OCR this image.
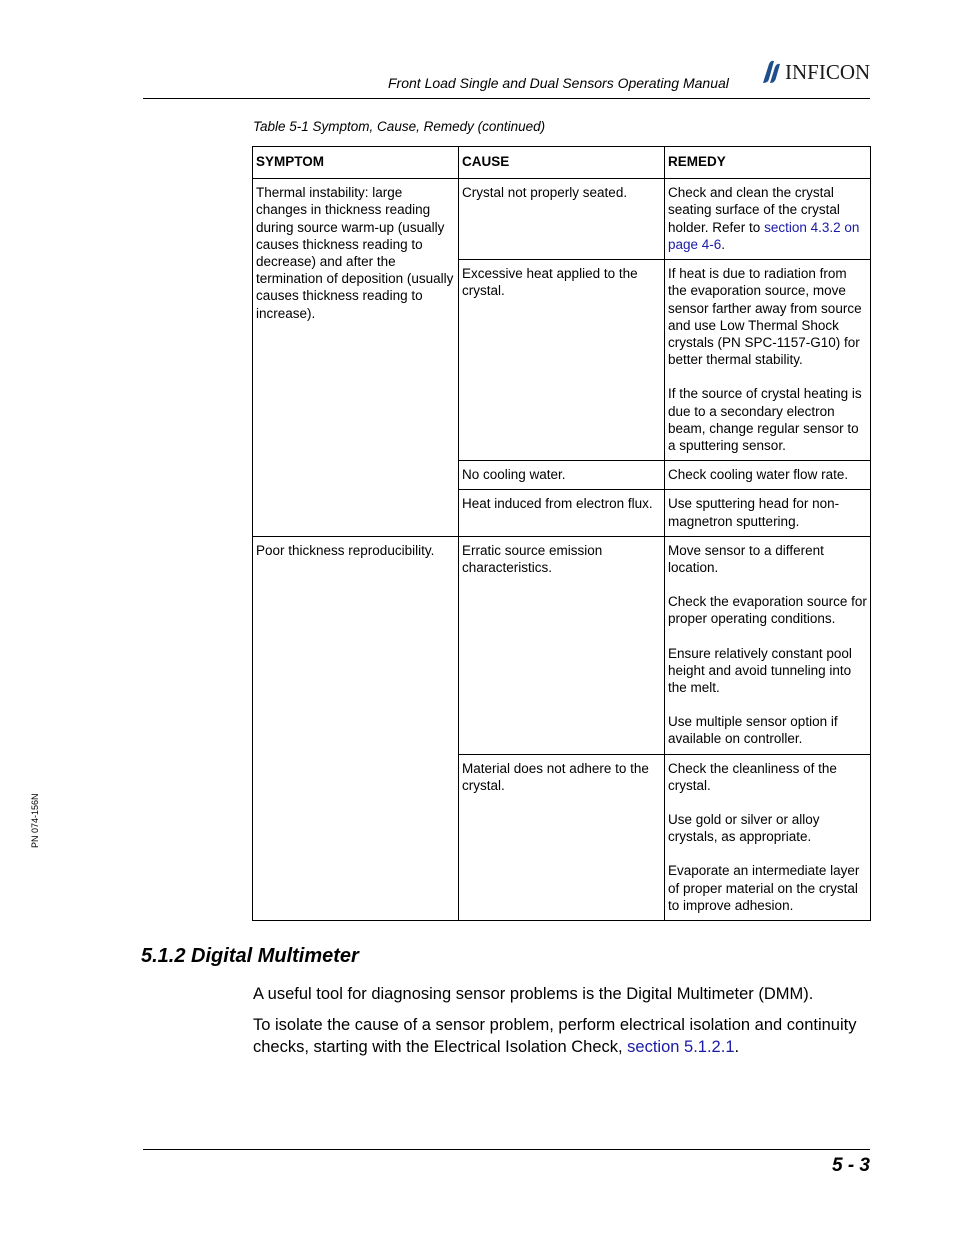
Front Load Single and Dual Sensors Operating Manual	INFICON
Table 5-1 Symptom, Cause, Remedy (continued)
SYMPTOM	CAUSE	REMEDY
Thermal instability: large changes in thickness reading during source warm-up (usually causes thickness reading to decrease) and after the termination of deposition (usually causes thickness reading to increase).	Crystal not properly seated.	Check and clean the crystal seating surface of the crystal holder. Refer to section 4.3.2 on page 4-6.
	Excessive heat applied to the crystal.	If heat is due to radiation from the evaporation source, move sensor farther away from source and use Low Thermal Shock crystals (PN SPC-1157-G10) for better thermal stability.

If the source of crystal heating is due to a secondary electron beam, change regular sensor to a sputtering sensor.

	No cooling water.	Check cooling water flow rate.
	Heat induced from electron flux.	Use sputtering head for non-magnetron sputtering.
Poor thickness reproducibility.	Erratic source emission characteristics.	Move sensor to a different location.

Check the evaporation source for proper operating conditions.

Ensure relatively constant pool height and avoid tunneling into the melt.

Use multiple sensor option if available on controller.

	Material does not adhere to the crystal.	Check the cleanliness of the crystal.

Use gold or silver or alloy crystals, as appropriate.

Evaporate an intermediate layer of proper material on the crystal to improve adhesion.

5.1.2 Digital Multimeter

A useful tool for diagnosing sensor problems is the Digital Multimeter (DMM).

To isolate the cause of a sensor problem, perform electrical isolation and continuity checks, starting with the Electrical Isolation Check, section 5.1.2.1.

PN 074-156N
5 - 3
